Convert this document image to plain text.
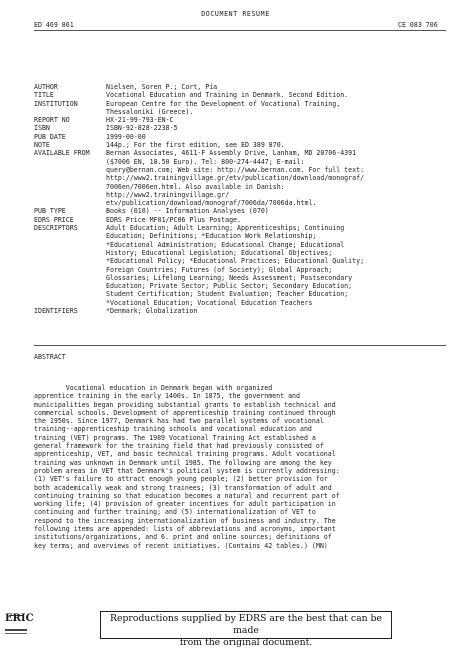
DOCUMENT RESUME
ED 469 861	CE 083 706
AUTHOR	Nielsen, Soren P.; Cort, Pia
TITLE	Vocational Education and Training in Denmark. Second Edition.
INSTITUTION	European Centre for the Development of Vocational Training,
Thessaloniki (Greece).
REPORT NO	HX-21-99-793-EN-C
ISBN	ISBN-92-828-2238-5
PUB DATE	1999-00-00
NOTE	144p.; For the first edition, see ED 389 870.
AVAILABLE FROM	Bernan Associates, 4611-F Assembly Drive, Lanham, MD 20706-4391
($7006 EN, 18.50 Euro). Tel: 800-274-4447; E-mail:
query@bernan.com; Web site: http://www.bernan.com. For full text:
http://www2.trainingvillage.gr/etv/publication/download/monograf/
7006en/7006en.html. Also available in Danish:
http://www2.trainingvillage.gr/
etv/publication/download/monograf/7006da/7006da.html.
PUB TYPE	Books (010) -- Information Analyses (070)
EDRS PRICE	EDRS Price MF01/PC06 Plus Postage.
DESCRIPTORS	Adult Education; Adult Learning; Apprenticeships; Continuing
Education; Definitions; *Education Work Relationship;
*Educational Administration; Educational Change; Educational
History; Educational Legislation; Educational Objectives;
*Educational Policy; *Educational Practices; Educational Quality;
Foreign Countries; Futures (of Society); Global Approach;
Glossaries; Lifelong Learning; Needs Assessment; Postsecondary
Education; Private Sector; Public Sector; Secondary Education;
Student Certification; Student Evaluation; Teacher Education;
*Vocational Education; Vocational Education Teachers
IDENTIFIERS	*Denmark; Globalization
ABSTRACT
Vocational education in Denmark began with organized
apprentice training in the early 1400s. In 1875, the government and
municipalities began providing substantial grants to establish technical and
commercial schools. Development of apprenticeship training continued through
the 1950s. Since 1977, Denmark has had two parallel systems of vocational
training--apprenticeship training schools and vocational education and
training (VET) programs. The 1989 Vocational Training Act established a
general framework for the training field that had previously consisted of
apprenticeship, VET, and basic technical training programs. Adult vocational
training was unknown in Denmark until 1985. The following are among the key
problem areas in VET that Denmark's political system is currently addressing:
(1) VET's failure to attract enough young people; (2) better provision for
both academically weak and strong trainees; (3) transformation of adult and
continuing training so that education becomes a natural and recurrent part of
working life; (4) provision of greater incentives for adult participation in
continuing and further training; and (5) internationalization of VET to
respond to the increasing internationalization of business and industry. The
following items are appended: lists of abbreviations and acronyms, important
institutions/organizations, and 6. print and online sources; definitions of
key terms; and overviews of recent initiatives. (Contains 42 tables.) (MN)
ERIC	Reproductions supplied by EDRS are the best that can be made
from the original document.
